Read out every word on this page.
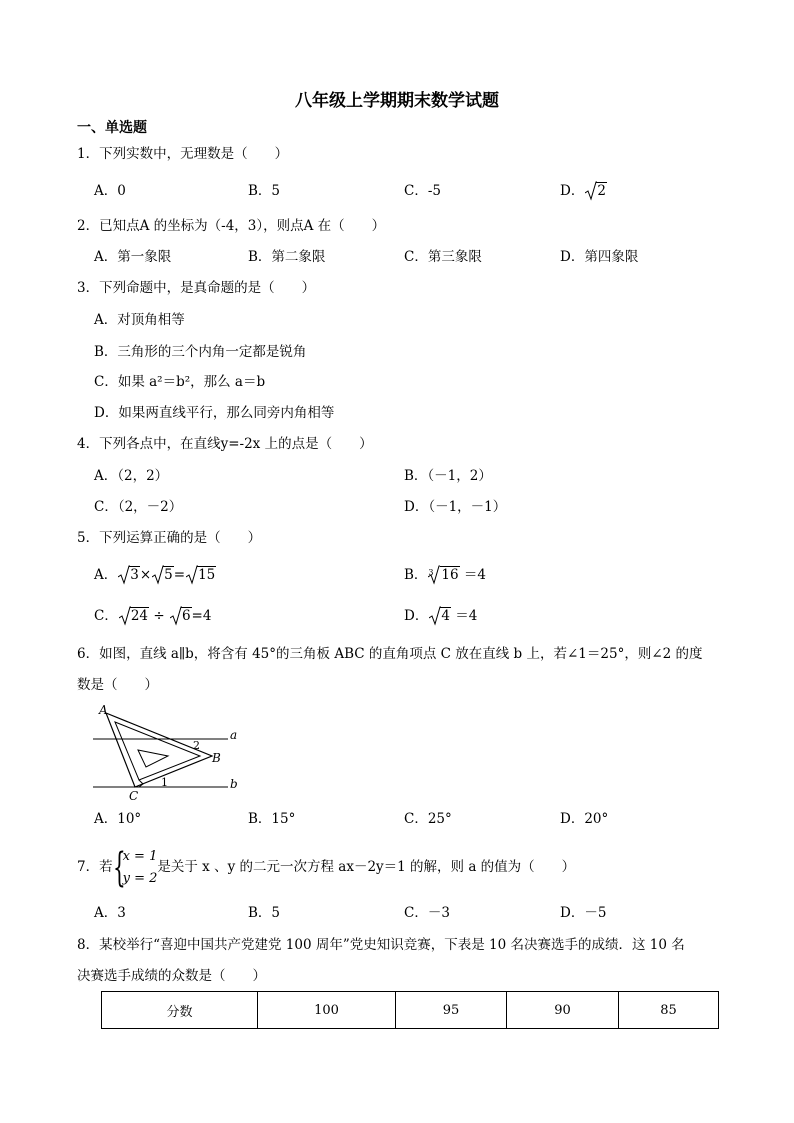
八年级上学期期末数学试题
一、单选题
1．下列实数中，无理数是（　　）
A．0	B．5	C．-5	D． 2
2．已知点A 的坐标为（-4，3），则点A 在（　　）
A．第一象限	B．第二象限	C．第三象限	D．第四象限
3．下列命题中，是真命题的是（　　）
A．对顶角相等
B．三角形的三个内角一定都是锐角
C．如果 a²＝b²，那么 a＝b
D．如果两直线平行，那么同旁内角相等
4．下列各点中，在直线y=-2x 上的点是（　　）
A．（2，2）	B．（－1，2）
C．（2，－2）	D．（－1，－1）
5．下列运算正确的是（　　）
A． 3× 5= 15	B． 3 16 ＝4
C． 24 ÷
6=4	D． 4 ＝4
6．如图，直线 a∥b，将含有 45°的三角板 ABC 的直角项点 C 放在直线 b 上，若∠1＝25°，则∠2 的度
数是（　　）
A
B
C
a
b
1
2
A．10°	B．15°	C．25°	D．20°
7．若 {
x = 1
y = 2
是关于 x 、y 的二元一次方程 ax－2y＝1 的解，则 a 的值为（　　）
A．3	B．5	C．－3	D．－5
8．某校举行“喜迎中国共产党建党 100 周年”党史知识竞赛，下表是 10 名决赛选手的成绩．这 10 名
决赛选手成绩的众数是（　　）
分数	100	95	90	85
